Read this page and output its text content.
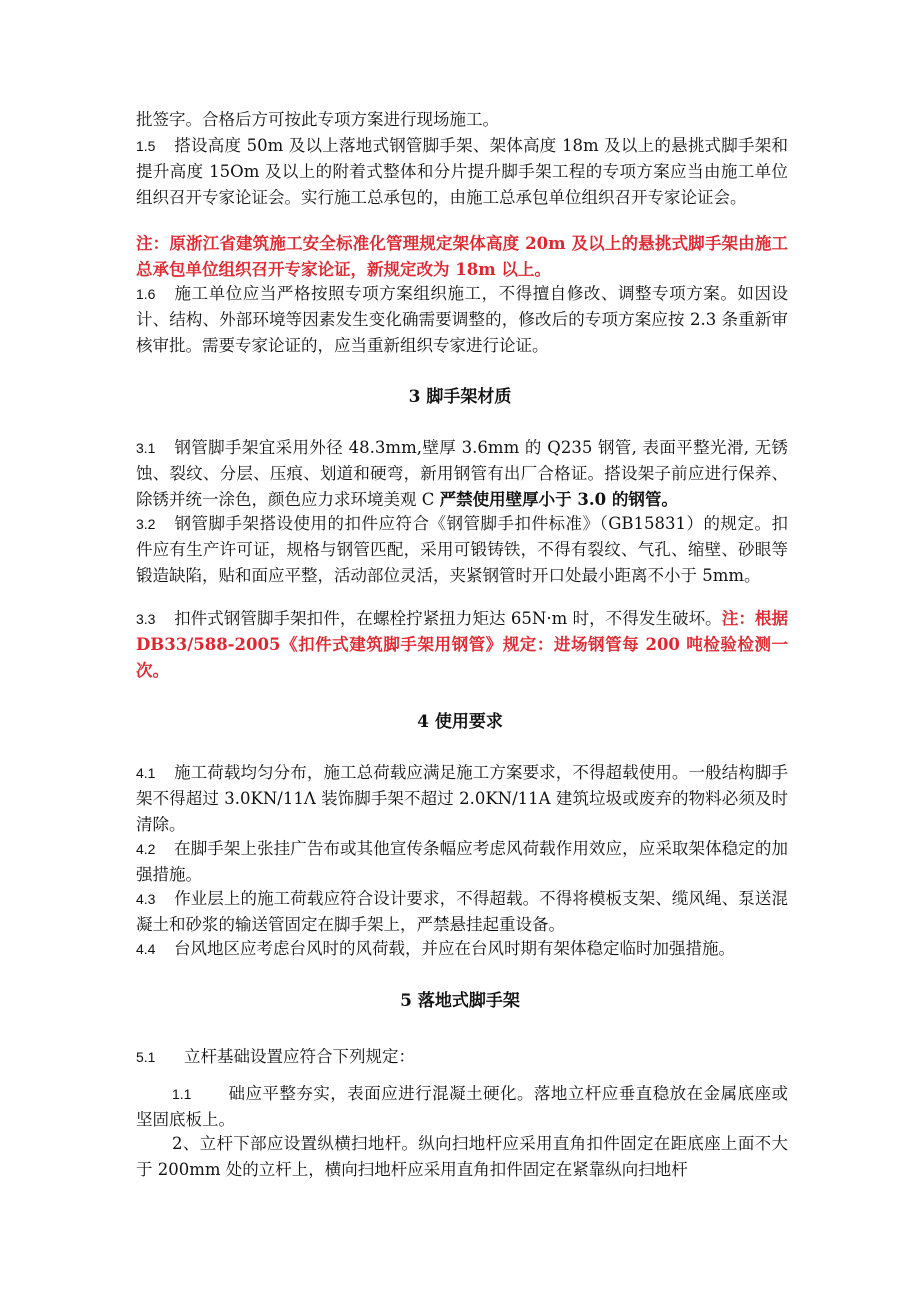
批签字。合格后方可按此专项方案进行现场施工。

1.5 搭设高度 50m 及以上落地式钢管脚手架、架体高度 18m 及以上的悬挑式脚手架和提升高度 15Om 及以上的附着式整体和分片提升脚手架工程的专项方案应当由施工单位组织召开专家论证会。实行施工总承包的，由施工总承包单位组织召开专家论证会。

注：原浙江省建筑施工安全标准化管理规定架体高度 20m 及以上的悬挑式脚手架由施工总承包单位组织召开专家论证，新规定改为 18m 以上。

1.6 施工单位应当严格按照专项方案组织施工，不得擅自修改、调整专项方案。如因设计、结构、外部环境等因素发生变化确需要调整的，修改后的专项方案应按 2.3 条重新审核审批。需要专家论证的，应当重新组织专家进行论证。

3 脚手架材质

3.1 钢管脚手架宜采用外径 48.3mm,壁厚 3.6mm 的 Q235 钢管, 表面平整光滑, 无锈蚀、裂纹、分层、压痕、划道和硬弯，新用钢管有出厂合格证。搭设架子前应进行保养、除锈并统一涂色，颜色应力求环境美观 C 严禁使用壁厚小于 3.0 的钢管。

3.2 钢管脚手架搭设使用的扣件应符合《钢管脚手扣件标准》（GB15831）的规定。扣件应有生产许可证，规格与钢管匹配，采用可锻铸铁，不得有裂纹、气孔、缩壁、砂眼等锻造缺陷，贴和面应平整，活动部位灵活，夹紧钢管时开口处最小距离不小于 5mm。

3.3 扣件式钢管脚手架扣件，在螺栓拧紧扭力矩达 65N·m 时，不得发生破坏。注：根据 DB33/588-2005《扣件式建筑脚手架用钢管》规定：进场钢管每 200 吨检验检测一次。

4 使用要求

4.1 施工荷载均匀分布，施工总荷载应满足施工方案要求，不得超载使用。一般结构脚手架不得超过 3.0KN/11Λ 装饰脚手架不超过 2.0KN/11A 建筑垃圾或废弃的物料必须及时清除。

4.2 在脚手架上张挂广告布或其他宣传条幅应考虑风荷载作用效应，应采取架体稳定的加强措施。

4.3 作业层上的施工荷载应符合设计要求，不得超载。不得将模板支架、缆风绳、泵送混凝土和砂浆的输送管固定在脚手架上，严禁悬挂起重设备。

4.4 台风地区应考虑台风时的风荷载，并应在台风时期有架体稳定临时加强措施。

5 落地式脚手架

5.1 立杆基础设置应符合下列规定：

1.1 础应平整夯实，表面应进行混凝土硬化。落地立杆应垂直稳放在金属底座或坚固底板上。

2、立杆下部应设置纵横扫地杆。纵向扫地杆应采用直角扣件固定在距底座上面不大于 200mm 处的立杆上，横向扫地杆应采用直角扣件固定在紧靠纵向扫地杆
